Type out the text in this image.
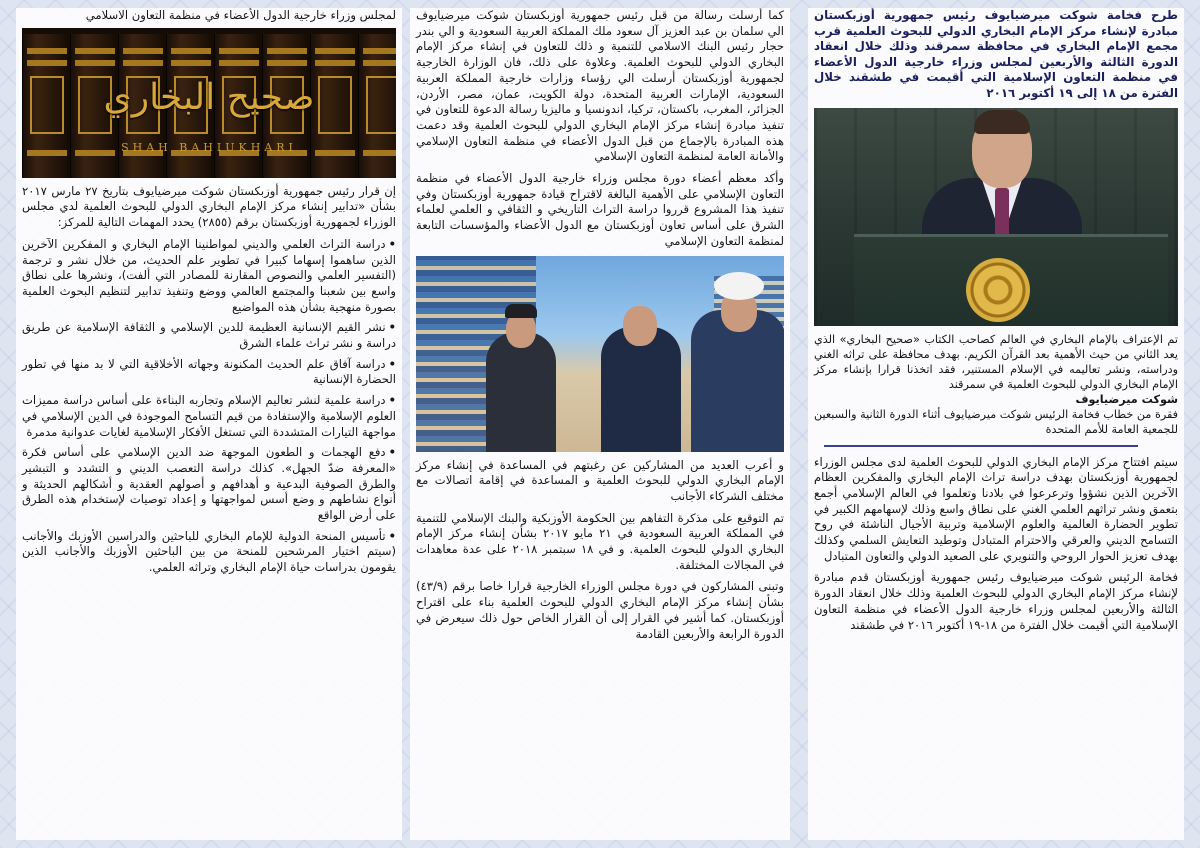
طرح فخامة شوكت ميرضيايوف رئيس جمهورية أوزبكستان مبادرة لإنشاء مركز الإمام البخاري الدولي للبحوث العلمية قرب مجمع الإمام البخاري في محافظة سمرقند وذلك خلال انعقاد الدورة الثالثة والأربعين لمجلس وزراء خارجية الدول الأعضاء في منظمة التعاون الإسلامية التي أقيمت في طشقند خلال الفترة من ١٨ إلى ١٩ أكتوبر ٢٠١٦

تم الإعتراف بالإمام البخاري في العالم كصاحب الكتاب «صحيح البخاري» الذي يعد الثاني من حيث الأهمية بعد القرآن الكريم. بهدف محافظة على تراثه الغني ودراسته، ونشر تعاليمه في الإسلام المستنير، فقد اتخذنا قرارا بإنشاء مركز الإمام البخاري الدولي للبحوث العلمية في سمرقند

شوكت ميرضيايوف

فقرة من خطاب فخامة الرئيس شوكت ميرضيايوف أثناء الدورة الثانية والسبعين للجمعية العامة للأمم المتحدة

سيتم افتتاح مركز الإمام البخاري الدولي للبحوث العلمية لدى مجلس الوزراء لجمهورية أوزبكستان بهدف دراسة تراث الإمام البخاري والمفكرين العظام الآخرين الذين نشؤوا وترعرعوا في بلادنا وتعلموا في العالم الإسلامي أجمع بتعمق ونشر تراثهم العلمي الغني على نطاق واسع وذلك لإسهامهم الكبير في تطوير الحضارة العالمية والعلوم الإسلامية وتربية الأجيال الناشئة في روح التسامح الديني والعرقي والاحترام المتبادل وتوطيد التعايش السلمي وكذلك بهدف تعزيز الحوار الروحي والتنويري على الصعيد الدولي والتعاون المتبادل

فخامة الرئيس شوكت ميرضيايوف رئيس جمهورية أوزبكستان قدم مبادرة لإنشاء مركز الإمام البخاري الدولي للبحوث العلمية وذلك خلال انعقاد الدورة الثالثة والأربعين لمجلس وزراء خارجية الدول الأعضاء في منظمة التعاون الإسلامية التي أقيمت خلال الفترة من ١٨-١٩ أكتوبر ٢٠١٦ في طشقند

كما أرسلت رسالة من قبل رئيس جمهورية أوزبكستان شوكت ميرضيايوف الي سلمان بن عبد العزيز آل سعود ملك المملكة العربية السعودية و الي بندر حجار رئيس البنك الاسلامي للتنمية و ذلك للتعاون في إنشاء مركز الإمام البخاري الدولي للبحوث العلمية. وعلاوة على ذلك، فان الوزارة الخارجية لجمهورية أوزبكستان أرسلت الي رؤساء وزارات خارجية المملكة العربية السعودية، الإمارات العربية المتحدة، دولة الكويت، عمان، مصر، الأردن، الجزائر، المغرب، باكستان، تركيا، اندونسيا و ماليزيا رسالة الدعوة للتعاون في تنفيذ مبادرة إنشاء مركز الإمام البخاري الدولي للبحوث العلمية وقد دعمت هذه المبادرة بالإجماع من قبل الدول الأعضاء في منظمة التعاون الإسلامي والأمانة العامة لمنظمة التعاون الإسلامي

وأكد معظم أعضاء دورة مجلس وزراء خارجية الدول الأعضاء في منظمة التعاون الإسلامي على الأهمية البالغة لاقتراح قيادة جمهورية أوزبكستان وفي تنفيذ هذا المشروع قرروا دراسة التراث التاريخي و الثقافي و العلمي لعلماء الشرق على أساس تعاون أوزبكستان مع الدول الأعضاء والمؤسسات التابعة لمنظمة التعاون الإسلامي

و أعرب العديد من المشاركين عن رغبتهم في المساعدة في إنشاء مركز الإمام البخاري الدولي للبحوث العلمية و المساعدة في إقامة اتصالات مع مختلف الشركاء الأجانب

تم التوقيع على مذكرة التفاهم بين الحكومة الأوزبكية والبنك الإسلامي للتنمية في المملكة العربية السعودية في ٢١ مايو ٢٠١٧ بشأن إنشاء مركز الإمام البخاري الدولي للبحوث العلمية. و في ١٨ سبتمبر ٢٠١٨ على عدة معاهدات في المجالات المختلفة.

وتبنى المشاركون في دورة مجلس الوزراء الخارجية قرارا خاصا برقم (٤٣/٩) بشأن إنشاء مركز الإمام البخاري الدولي للبحوث العلمية بناء على اقتراح أوزبكستان. كما أشير في القرار إلى أن القرار الخاص حول ذلك سيعرض في الدورة الرابعة والأربعين القادمة

لمجلس وزراء خارجية الدول الأعضاء في منظمة التعاون الاسلامي

صحيح البخاري
SHAH BAHIUKHARI

إن قرار رئيس جمهورية أوزبكستان شوكت ميرضيايوف بتاريخ ٢٧ مارس ٢٠١٧ بشأن «تدابير إنشاء مركز الإمام البخاري الدولي للبحوث العلمية لدي مجلس الوزراء لجمهورية أوزبكستان برقم (٢٨٥٥) يحدد المهمات التالية للمركز:

•دراسة التراث العلمي والديني لمواطنينا الإمام البخاري و المفكرين الآخرين الذين ساهموا إسهاما كبيرا في تطوير علم الحديث، من خلال نشر و ترجمة (التفسير العلمي والنصوص المقارنة للمصادر التي ألفت)، ونشرها على نطاق واسع بين شعبنا والمجتمع العالمي ووضع وتنفيذ تدابير لتنظيم البحوث العلمية بصورة منهجية بشأن هذه المواضيع
•نشر القيم الإنسانية العظيمة للدين الإسلامي و الثقافة الإسلامية عن طريق دراسة و نشر تراث علماء الشرق
•دراسة آفاق علم الحديث المكنونة وجهاته الأخلاقية التي لا بد منها في تطور الحضارة الإنسانية
•دراسة علمية لنشر تعاليم الإسلام وتجاربه البناءة على أساس دراسة مميزات العلوم الإسلامية والإستفادة من قيم التسامح الموجودة في الدين الإسلامي في مواجهة التيارات المتشددة التي تستغل الأفكار الإسلامية لغايات عدوانية مدمرة
•دفع الهجمات و الطعون الموجهة ضد الدين الإسلامي على أساس فكرة «المعرفة ضدّ الجهل». كذلك دراسة التعصب الديني و التشدد و التبشير والطرق الصوفية البدعية و أهدافهم و أصولهم العقدية و أشكالهم الحديثة و أنواع نشاطهم و وضع أسس لمواجهتها و إعداد توصيات لإستخدام هذه الطرق على أرض الواقع
•تأسيس المنحة الدولية للإمام البخاري للباحثين والدراسين الأوزبك والأجانب (سيتم اختيار المرشحين للمنحة من بين الباحثين الأوزبك والأجانب الذين يقومون بدراسات حياة الإمام البخاري وتراثه العلمي.
